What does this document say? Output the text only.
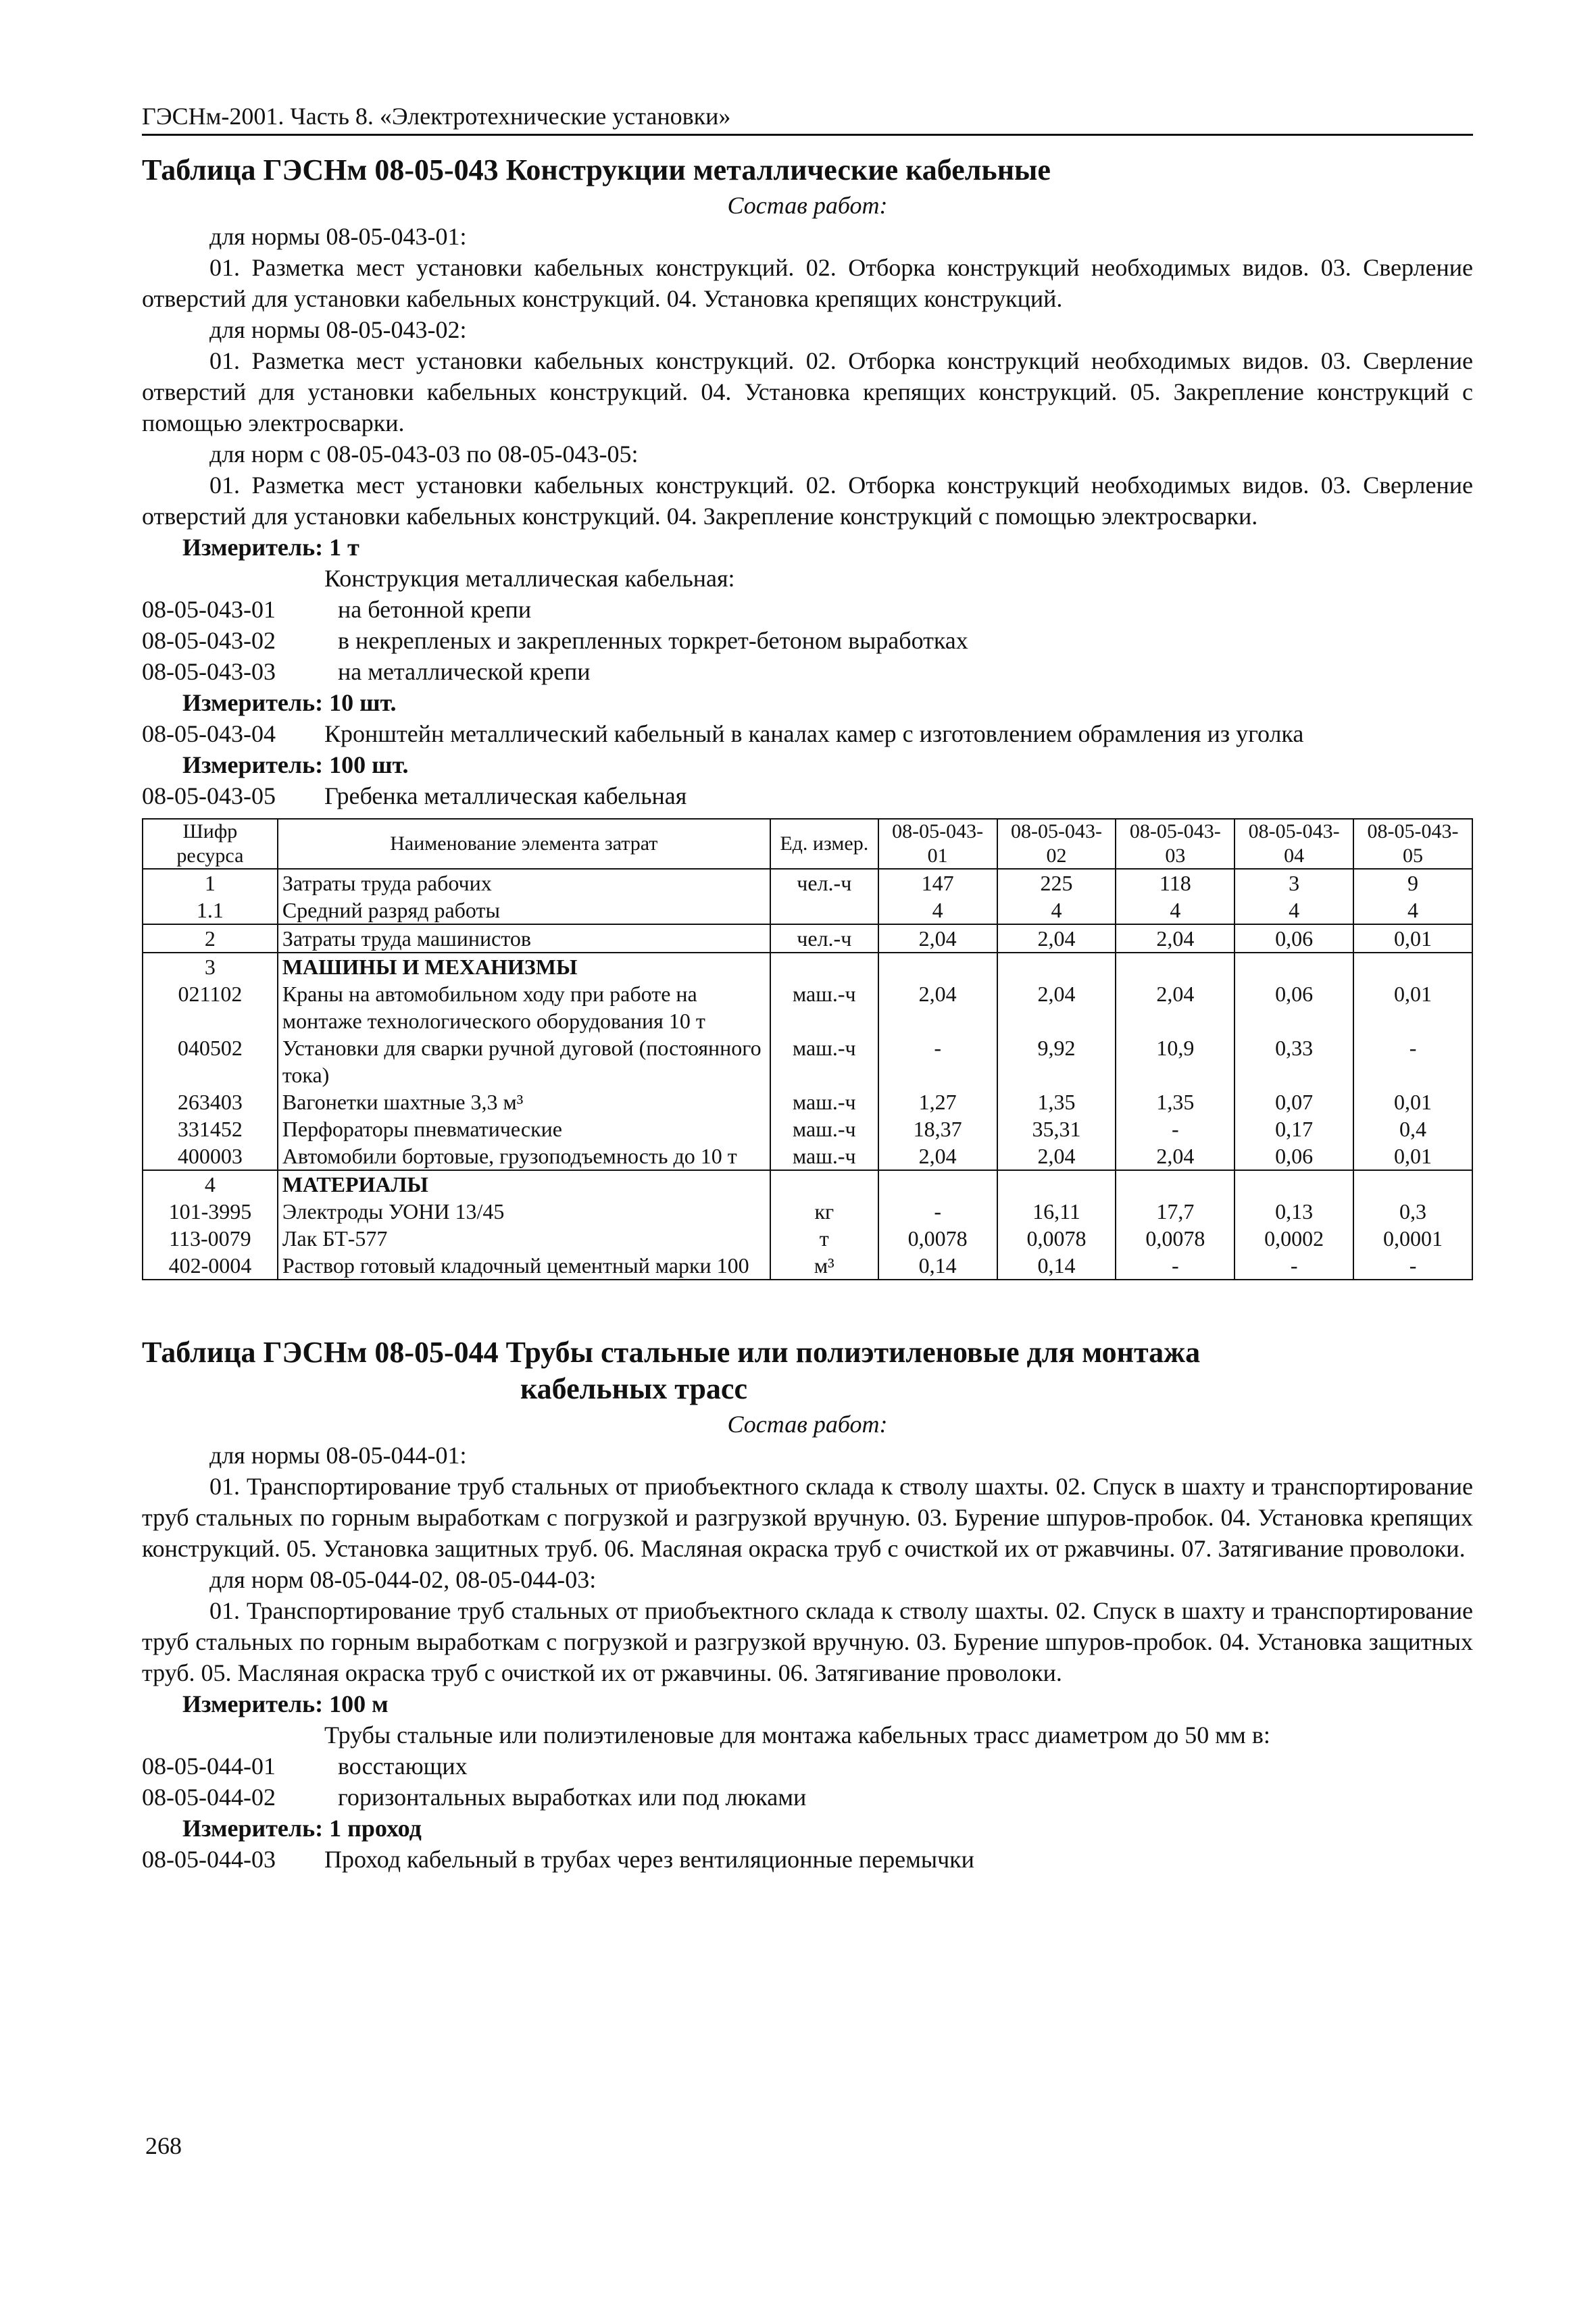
ГЭСНм-2001. Часть 8. «Электротехнические установки»
Таблица ГЭСНм 08-05-043 Конструкции металлические кабельные
Состав работ:

для нормы 08-05-043-01:

01. Разметка мест установки кабельных конструкций. 02. Отборка конструкций необходимых видов. 03. Сверление отверстий для установки кабельных конструкций. 04. Установка крепящих конструкций.

для нормы 08-05-043-02:

01. Разметка мест установки кабельных конструкций. 02. Отборка конструкций необходимых видов. 03. Сверление отверстий для установки кабельных конструкций. 04. Установка крепящих конструкций. 05. Закрепление конструкций с помощью электросварки.

для норм с 08-05-043-03 по 08-05-043-05:

01. Разметка мест установки кабельных конструкций. 02. Отборка конструкций необходимых видов. 03. Сверление отверстий для установки кабельных конструкций. 04. Закрепление конструкций с помощью электросварки.

Измеритель: 1 т
Конструкция металлическая кабельная:
08-05-043-01	на бетонной крепи
08-05-043-02	в некрепленых и закрепленных торкрет-бетоном выработках
08-05-043-03	на металлической крепи
Измеритель: 10 шт.
08-05-043-04	Кронштейн металлический кабельный в каналах камер с изготовлением обрамления из уголка
Измеритель: 100 шт.
08-05-043-05	Гребенка металлическая кабельная
Шифр ресурса	Наименование элемента затрат	Ед. измер.	08-05-043-01	08-05-043-02	08-05-043-03	08-05-043-04	08-05-043-05
1	Затраты труда рабочих	чел.-ч	147	225	118	3	9
1.1	Средний разряд работы		4	4	4	4	4
2	Затраты труда машинистов	чел.-ч	2,04	2,04	2,04	0,06	0,01
3	МАШИНЫ И МЕХАНИЗМЫ						
021102	Краны на автомобильном ходу при работе на монтаже технологического оборудования 10 т	маш.-ч	2,04	2,04	2,04	0,06	0,01
040502	Установки для сварки ручной дуговой (постоянного тока)	маш.-ч	-	9,92	10,9	0,33	-
263403	Вагонетки шахтные 3,3 м³	маш.-ч	1,27	1,35	1,35	0,07	0,01
331452	Перфораторы пневматические	маш.-ч	18,37	35,31	-	0,17	0,4
400003	Автомобили бортовые, грузоподъемность до 10 т	маш.-ч	2,04	2,04	2,04	0,06	0,01
4	МАТЕРИАЛЫ						
101-3995	Электроды УОНИ 13/45	кг	-	16,11	17,7	0,13	0,3
113-0079	Лак БТ-577	т	0,0078	0,0078	0,0078	0,0002	0,0001
402-0004	Раствор готовый кладочный цементный марки 100	м³	0,14	0,14	-	-	-
Таблица ГЭСНм 08-05-044 Трубы стальные или полиэтиленовые для монтажа
кабельных трасс
Состав работ:

для нормы 08-05-044-01:

01. Транспортирование труб стальных от приобъектного склада к стволу шахты. 02. Спуск в шахту и транспортирование труб стальных по горным выработкам с погрузкой и разгрузкой вручную. 03. Бурение шпуров-пробок. 04. Установка крепящих конструкций. 05. Установка защитных труб. 06. Масляная окраска труб с очисткой их от ржавчины. 07. Затягивание проволоки.

для норм 08-05-044-02, 08-05-044-03:

01. Транспортирование труб стальных от приобъектного склада к стволу шахты. 02. Спуск в шахту и транспортирование труб стальных по горным выработкам с погрузкой и разгрузкой вручную. 03. Бурение шпуров-пробок. 04. Установка защитных труб. 05. Масляная окраска труб с очисткой их от ржавчины. 06. Затягивание проволоки.

Измеритель: 100 м
Трубы стальные или полиэтиленовые для монтажа кабельных трасс диаметром до 50 мм в:
08-05-044-01	восстающих
08-05-044-02	горизонтальных выработках или под люками
Измеритель: 1 проход
08-05-044-03	Проход кабельный в трубах через вентиляционные перемычки
268
